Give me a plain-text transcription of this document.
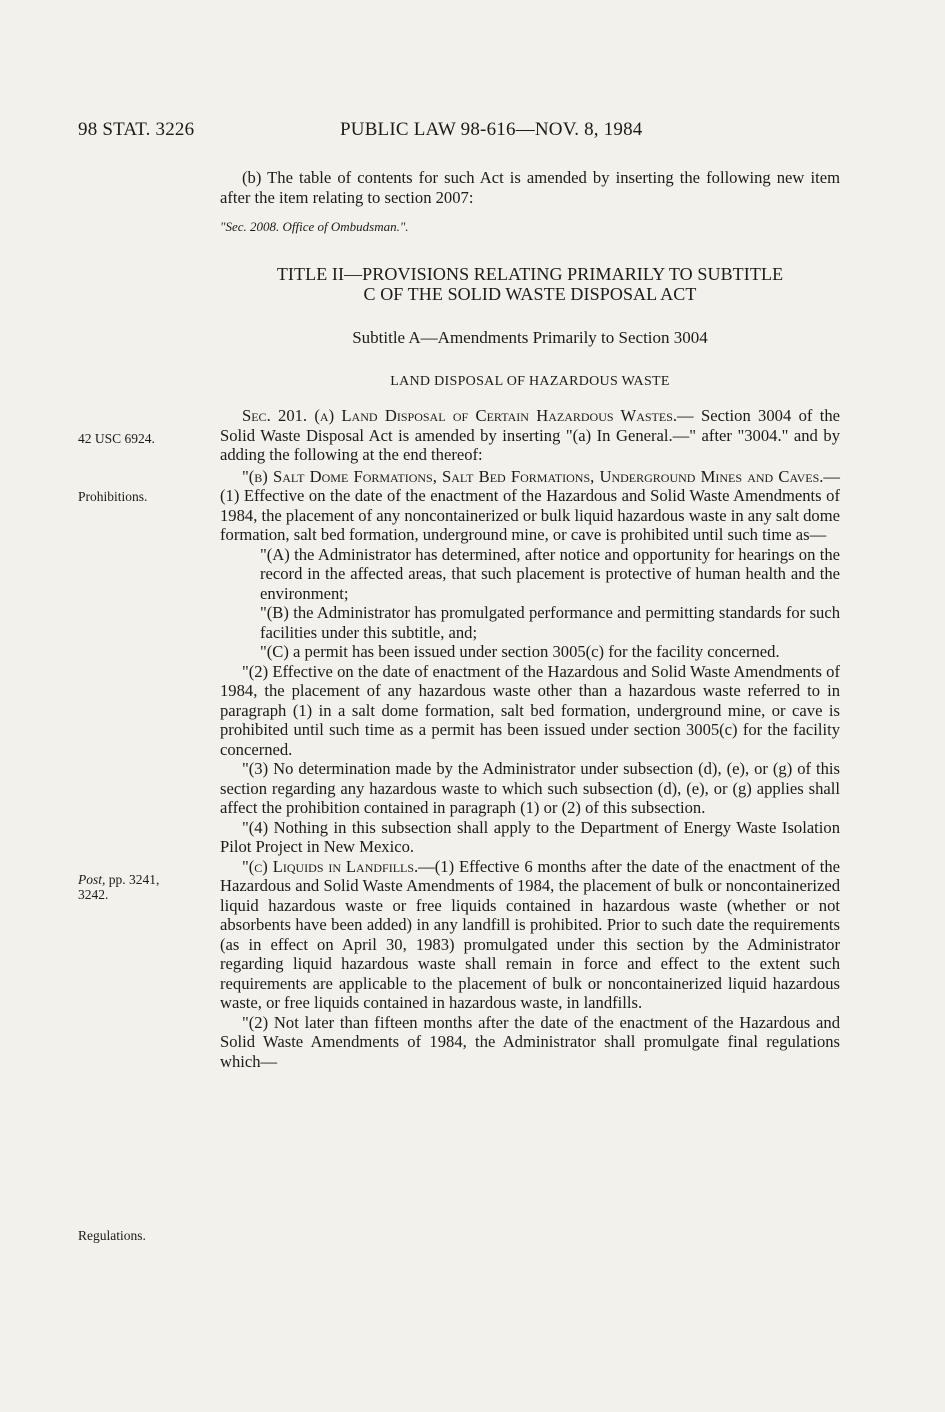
98 STAT. 3226	PUBLIC LAW 98-616—NOV. 8, 1984

(b) The table of contents for such Act is amended by inserting the following new item after the item relating to section 2007:

"Sec. 2008. Office of Ombudsman.".

TITLE II—PROVISIONS RELATING PRIMARILY TO SUBTITLE
C OF THE SOLID WASTE DISPOSAL ACT
Subtitle A—Amendments Primarily to Section 3004
LAND DISPOSAL OF HAZARDOUS WASTE
42 USC 6924.
Prohibitions.
Post, pp. 3241,
3242.
Regulations.

Sec. 201. (a) Land Disposal of Certain Hazardous Wastes.— Section 3004 of the Solid Waste Disposal Act is amended by inserting "(a) In General.—" after "3004." and by adding the following at the end thereof:

"(b) Salt Dome Formations, Salt Bed Formations, Underground Mines and Caves.—(1) Effective on the date of the enactment of the Hazardous and Solid Waste Amendments of 1984, the placement of any noncontainerized or bulk liquid hazardous waste in any salt dome formation, salt bed formation, underground mine, or cave is prohibited until such time as—

"(A) the Administrator has determined, after notice and opportunity for hearings on the record in the affected areas, that such placement is protective of human health and the environment;

"(B) the Administrator has promulgated performance and permitting standards for such facilities under this subtitle, and;

"(C) a permit has been issued under section 3005(c) for the facility concerned.

"(2) Effective on the date of enactment of the Hazardous and Solid Waste Amendments of 1984, the placement of any hazardous waste other than a hazardous waste referred to in paragraph (1) in a salt dome formation, salt bed formation, underground mine, or cave is prohibited until such time as a permit has been issued under section 3005(c) for the facility concerned.

"(3) No determination made by the Administrator under subsection (d), (e), or (g) of this section regarding any hazardous waste to which such subsection (d), (e), or (g) applies shall affect the prohibition contained in paragraph (1) or (2) of this subsection.

"(4) Nothing in this subsection shall apply to the Department of Energy Waste Isolation Pilot Project in New Mexico.

"(c) Liquids in Landfills.—(1) Effective 6 months after the date of the enactment of the Hazardous and Solid Waste Amendments of 1984, the placement of bulk or noncontainerized liquid hazardous waste or free liquids contained in hazardous waste (whether or not absorbents have been added) in any landfill is prohibited. Prior to such date the requirements (as in effect on April 30, 1983) promulgated under this section by the Administrator regarding liquid hazardous waste shall remain in force and effect to the extent such requirements are applicable to the placement of bulk or noncontainerized liquid hazardous waste, or free liquids contained in hazardous waste, in landfills.

"(2) Not later than fifteen months after the date of the enactment of the Hazardous and Solid Waste Amendments of 1984, the Administrator shall promulgate final regulations which—
